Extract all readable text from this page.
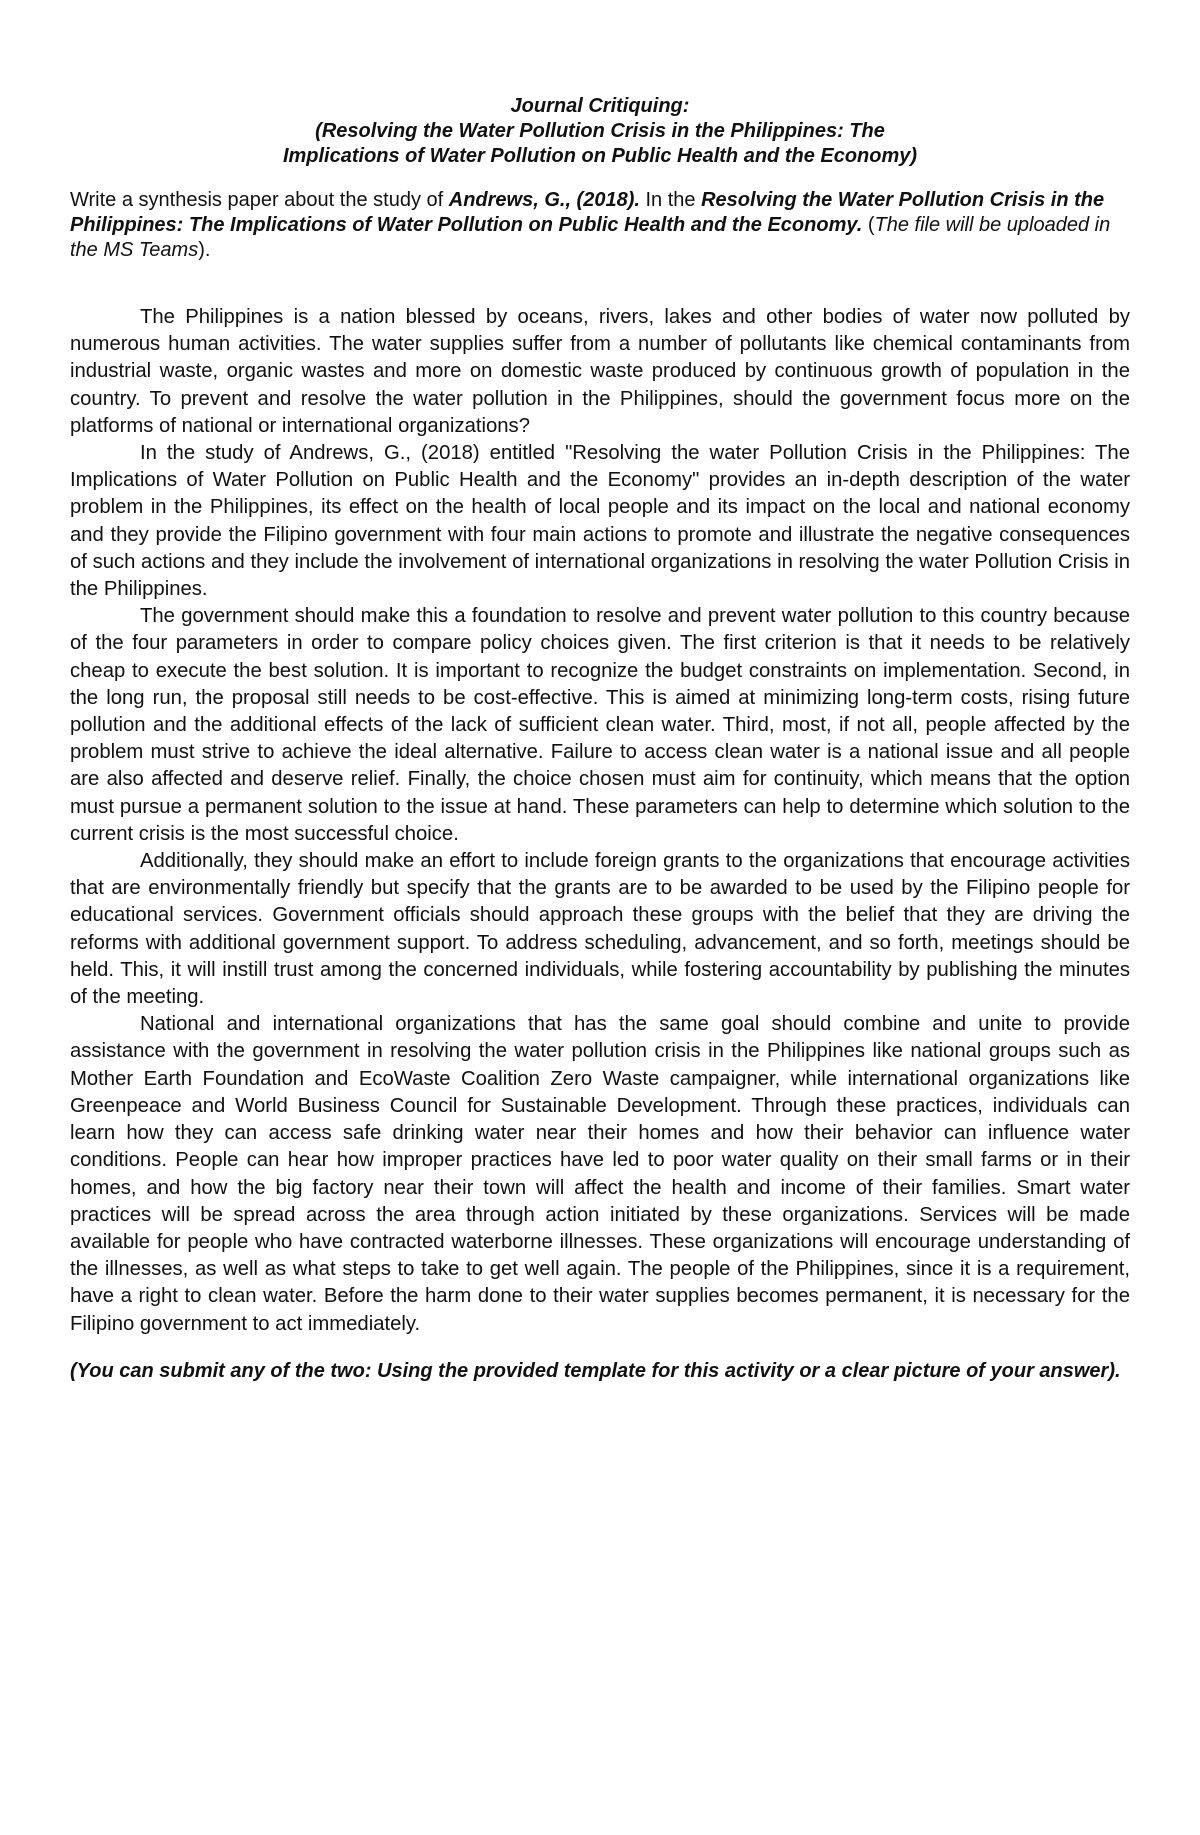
Journal Critiquing:
(Resolving the Water Pollution Crisis in the Philippines: The
Implications of Water Pollution on Public Health and the Economy)
Write a synthesis paper about the study of Andrews, G., (2018). In the Resolving the Water Pollution Crisis in the Philippines: The Implications of Water Pollution on Public Health and the Economy. (The file will be uploaded in the MS Teams).

The Philippines is a nation blessed by oceans, rivers, lakes and other bodies of water now polluted by numerous human activities. The water supplies suffer from a number of pollutants like chemical contaminants from industrial waste, organic wastes and more on domestic waste produced by continuous growth of population in the country. To prevent and resolve the water pollution in the Philippines, should the government focus more on the platforms of national or international organizations?

In the study of Andrews, G., (2018) entitled "Resolving the water Pollution Crisis in the Philippines: The Implications of Water Pollution on Public Health and the Economy" provides an in-depth description of the water problem in the Philippines, its effect on the health of local people and its impact on the local and national economy and they provide the Filipino government with four main actions to promote and illustrate the negative consequences of such actions and they include the involvement of international organizations in resolving the water Pollution Crisis in the Philippines.

The government should make this a foundation to resolve and prevent water pollution to this country because of the four parameters in order to compare policy choices given. The first criterion is that it needs to be relatively cheap to execute the best solution. It is important to recognize the budget constraints on implementation. Second, in the long run, the proposal still needs to be cost-effective. This is aimed at minimizing long-term costs, rising future pollution and the additional effects of the lack of sufficient clean water. Third, most, if not all, people affected by the problem must strive to achieve the ideal alternative. Failure to access clean water is a national issue and all people are also affected and deserve relief. Finally, the choice chosen must aim for continuity, which means that the option must pursue a permanent solution to the issue at hand. These parameters can help to determine which solution to the current crisis is the most successful choice.

Additionally, they should make an effort to include foreign grants to the organizations that encourage activities that are environmentally friendly but specify that the grants are to be awarded to be used by the Filipino people for educational services. Government officials should approach these groups with the belief that they are driving the reforms with additional government support. To address scheduling, advancement, and so forth, meetings should be held. This, it will instill trust among the concerned individuals, while fostering accountability by publishing the minutes of the meeting.

National and international organizations that has the same goal should combine and unite to provide assistance with the government in resolving the water pollution crisis in the Philippines like national groups such as Mother Earth Foundation and EcoWaste Coalition Zero Waste campaigner, while international organizations like Greenpeace and World Business Council for Sustainable Development. Through these practices, individuals can learn how they can access safe drinking water near their homes and how their behavior can influence water conditions. People can hear how improper practices have led to poor water quality on their small farms or in their homes, and how the big factory near their town will affect the health and income of their families. Smart water practices will be spread across the area through action initiated by these organizations. Services will be made available for people who have contracted waterborne illnesses. These organizations will encourage understanding of the illnesses, as well as what steps to take to get well again. The people of the Philippines, since it is a requirement, have a right to clean water. Before the harm done to their water supplies becomes permanent, it is necessary for the Filipino government to act immediately.

(You can submit any of the two: Using the provided template for this activity or a clear picture of your answer).
